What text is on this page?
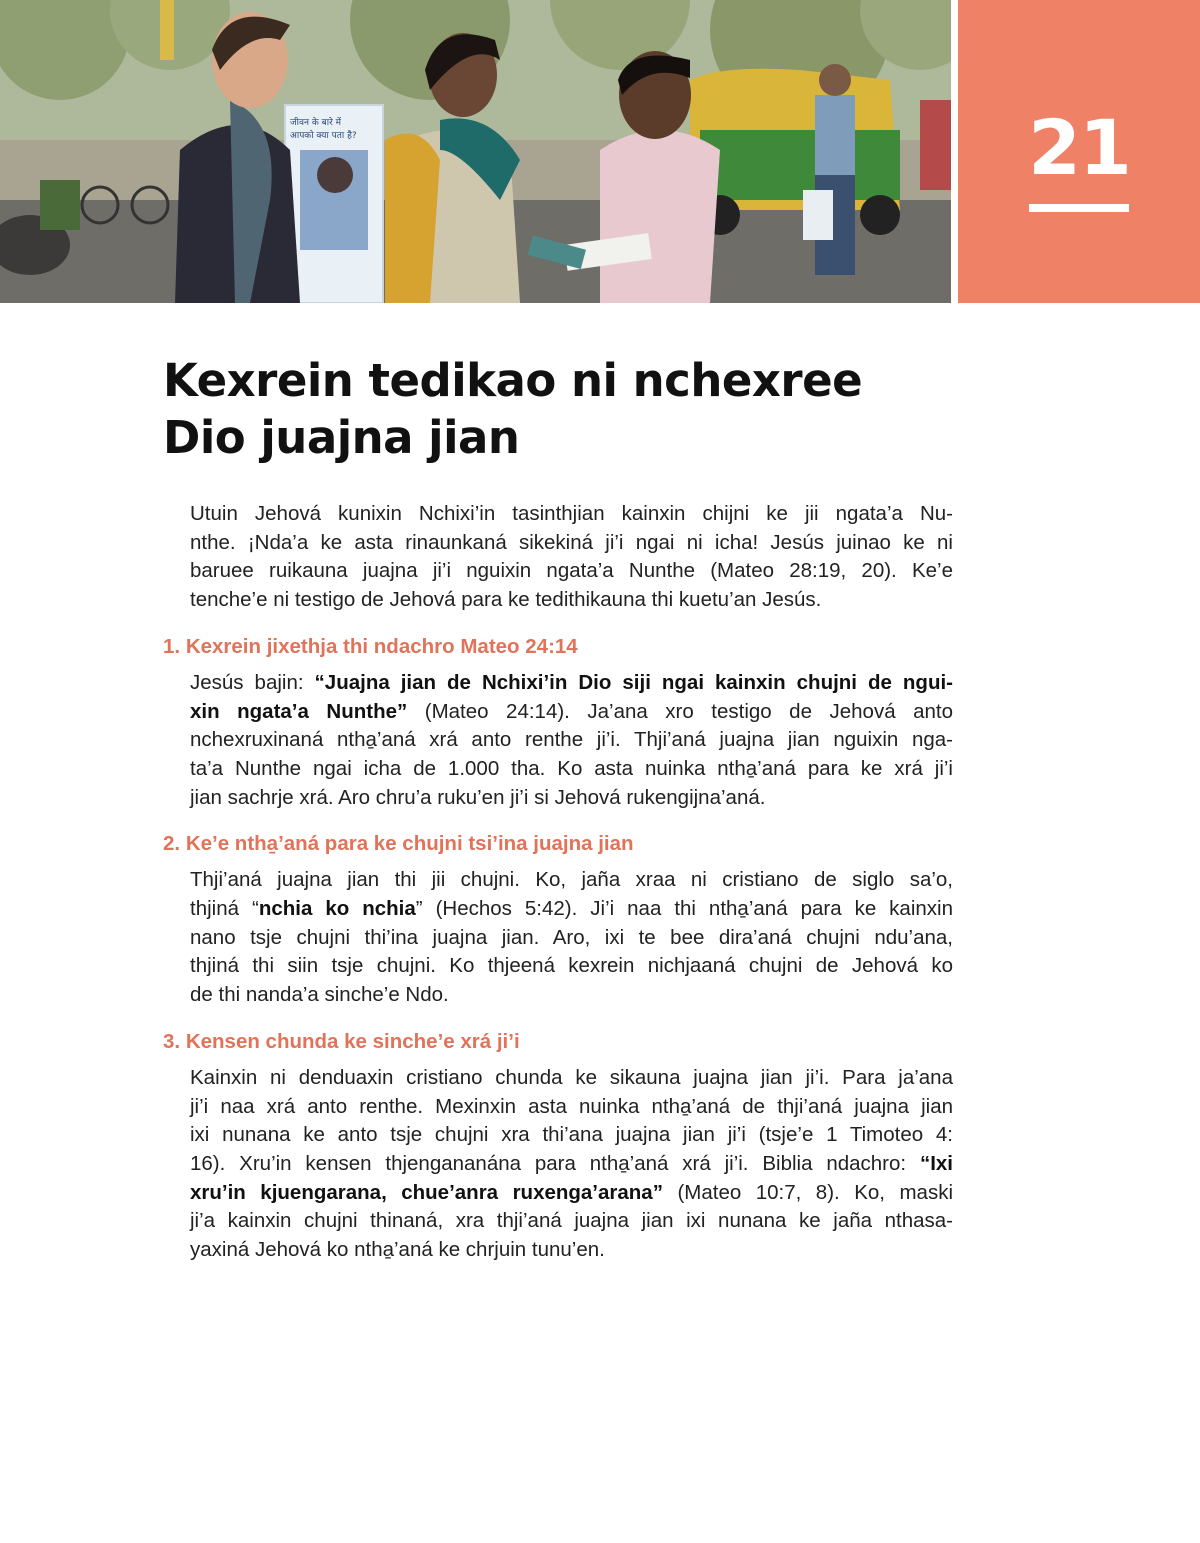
जीवन के बारे में
आपको क्या पता है?	21
Kexrein tedikao ni nchexree
Dio juajna jian

Utuin Jehová kunixin Nchixi’in tasinthjian kainxin chijni ke jii ngata’a Nu-
nthe. ¡Nda’a ke asta rinaunkaná sikekiná ji’i ngai ni icha! Jesús juinao ke ni
baruee ruikauna juajna ji’i nguixin ngata’a Nunthe (Mateo 28:19, 20). Ke’e
tenche’e ni testigo de Jehová para ke tedithikauna thi kuetu’an Jesús.

1. Kexrein jixethja thi ndachro Mateo 24:14

Jesús bajin: “Juajna jian de Nchixi’in Dio siji ngai kainxin chujni de ngui-
xin ngata’a Nunthe” (Mateo 24:14). Ja’ana xro testigo de Jehová anto
nchexruxinaná ntha̱’aná xrá anto renthe ji’i. Thji’aná juajna jian nguixin nga-
ta’a Nunthe ngai icha de 1.000 tha. Ko asta nuinka ntha̱’aná para ke xrá ji’i
jian sachrje xrá. Aro chru’a ruku’en ji’i si Jehová rukengijna’aná.

2. Ke’e ntha̱’aná para ke chujni tsi’ina juajna jian

Thji’aná juajna jian thi jii chujni. Ko, jaña xraa ni cristiano de siglo sa’o,
thjiná “nchia ko nchia” (Hechos 5:42). Ji’i naa thi ntha̱’aná para ke kainxin
nano tsje chujni thi’ina juajna jian. Aro, ixi te bee dira’aná chujni ndu’ana,
thjiná thi siin tsje chujni. Ko thjeená kexrein nichjaaná chujni de Jehová ko
de thi nanda’a sinche’e Ndo.

3. Kensen chunda ke sinche’e xrá ji’i

Kainxin ni denduaxin cristiano chunda ke sikauna juajna jian ji’i. Para ja’ana
ji’i naa xrá anto renthe. Mexinxin asta nuinka ntha̱’aná de thji’aná juajna jian
ixi nunana ke anto tsje chujni xra thi’ana juajna jian ji’i (tsje’e 1 Timoteo 4:
16). Xru’in kensen thjengananána para ntha̱’aná xrá ji’i. Biblia ndachro: “Ixi
xru’in kjuengarana, chue’anra ruxenga’arana” (Mateo 10:7, 8). Ko, maski
ji’a kainxin chujni thinaná, xra thji’aná juajna jian ixi nunana ke jaña nthasa-
yaxiná Jehová ko ntha̱’aná ke chrjuin tunu’en.
